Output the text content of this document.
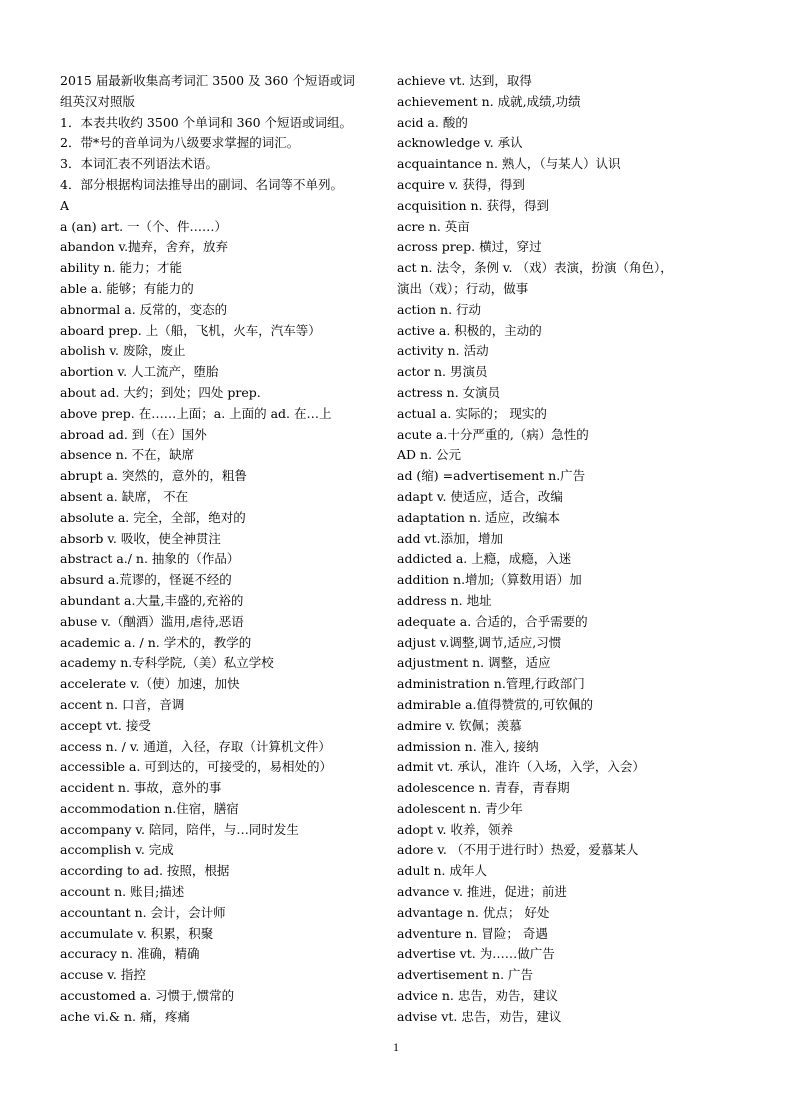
2015 届最新收集高考词汇 3500 及 360 个短语或词
组英汉对照版
1．本表共收约 3500 个单词和 360 个短语或词组。
2．带*号的音单词为八级要求掌握的词汇。
3．本词汇表不列语法术语。
4．部分根据构词法推导出的副词、名词等不单列。
A
a (an) art. 一（个、件……）
abandon v.抛弃，舍弃，放弃
ability n. 能力；才能
able a. 能够；有能力的
abnormal a. 反常的，变态的
aboard prep. 上（船，飞机，火车，汽车等）
abolish v. 废除，废止
abortion v. 人工流产，堕胎
about ad. 大约；到处；四处 prep.
above prep. 在……上面；a. 上面的 ad. 在…上
abroad ad. 到（在）国外
absence n. 不在，缺席
abrupt a. 突然的，意外的，粗鲁
absent a. 缺席， 不在
absolute a. 完全，全部，绝对的
absorb v. 吸收，使全神贯注
abstract a./ n. 抽象的（作品）
absurd a.荒谬的，怪诞不经的
abundant a.大量,丰盛的,充裕的
abuse v.（酗酒）滥用,虐待,恶语
academic a. / n. 学术的，教学的
academy n.专科学院,（美）私立学校
accelerate v.（使）加速，加快
accent n. 口音，音调
accept vt. 接受
access n. / v. 通道，入径，存取（计算机文件）
accessible a. 可到达的，可接受的，易相处的）
accident n. 事故，意外的事
accommodation n.住宿，膳宿
accompany v. 陪同，陪伴，与…同时发生
accomplish v. 完成
according to ad. 按照，根据
account n. 账目;描述
accountant n. 会计，会计师
accumulate v. 积累，积聚
accuracy n. 准确，精确
accuse v. 指控
accustomed a. 习惯于,惯常的
ache vi.& n. 痛，疼痛
achieve vt. 达到，取得
achievement n. 成就,成绩,功绩
acid a. 酸的
acknowledge v. 承认
acquaintance n. 熟人，（与某人）认识
acquire v. 获得，得到
acquisition n. 获得，得到
acre n. 英亩
across prep. 横过，穿过
act n. 法令，条例 v. （戏）表演，扮演（角色），
演出（戏）；行动，做事
action n. 行动
active a. 积极的，主动的
activity n. 活动
actor n. 男演员
actress n. 女演员
actual a. 实际的； 现实的
acute a.十分严重的,（病）急性的
AD n. 公元
ad (缩) =advertisement n.广告
adapt v. 使适应，适合，改编
adaptation n. 适应，改编本
add vt.添加，增加
addicted a. 上瘾，成瘾，入迷
addition n.增加;（算数用语）加
address n. 地址
adequate a. 合适的，合乎需要的
adjust v.调整,调节,适应,习惯
adjustment n. 调整，适应
administration n.管理,行政部门
admirable a.值得赞赏的,可钦佩的
admire v. 钦佩；羡慕
admission n. 准入, 接纳
admit vt. 承认，准许（入场，入学，入会）
adolescence n. 青春，青春期
adolescent n. 青少年
adopt v. 收养，领养
adore v. （不用于进行时）热爱，爱慕某人
adult n. 成年人
advance v. 推进，促进；前进
advantage n. 优点； 好处
adventure n. 冒险； 奇遇
advertise vt. 为……做广告
advertisement n. 广告
advice n. 忠告，劝告，建议
advise vt. 忠告，劝告，建议
1
